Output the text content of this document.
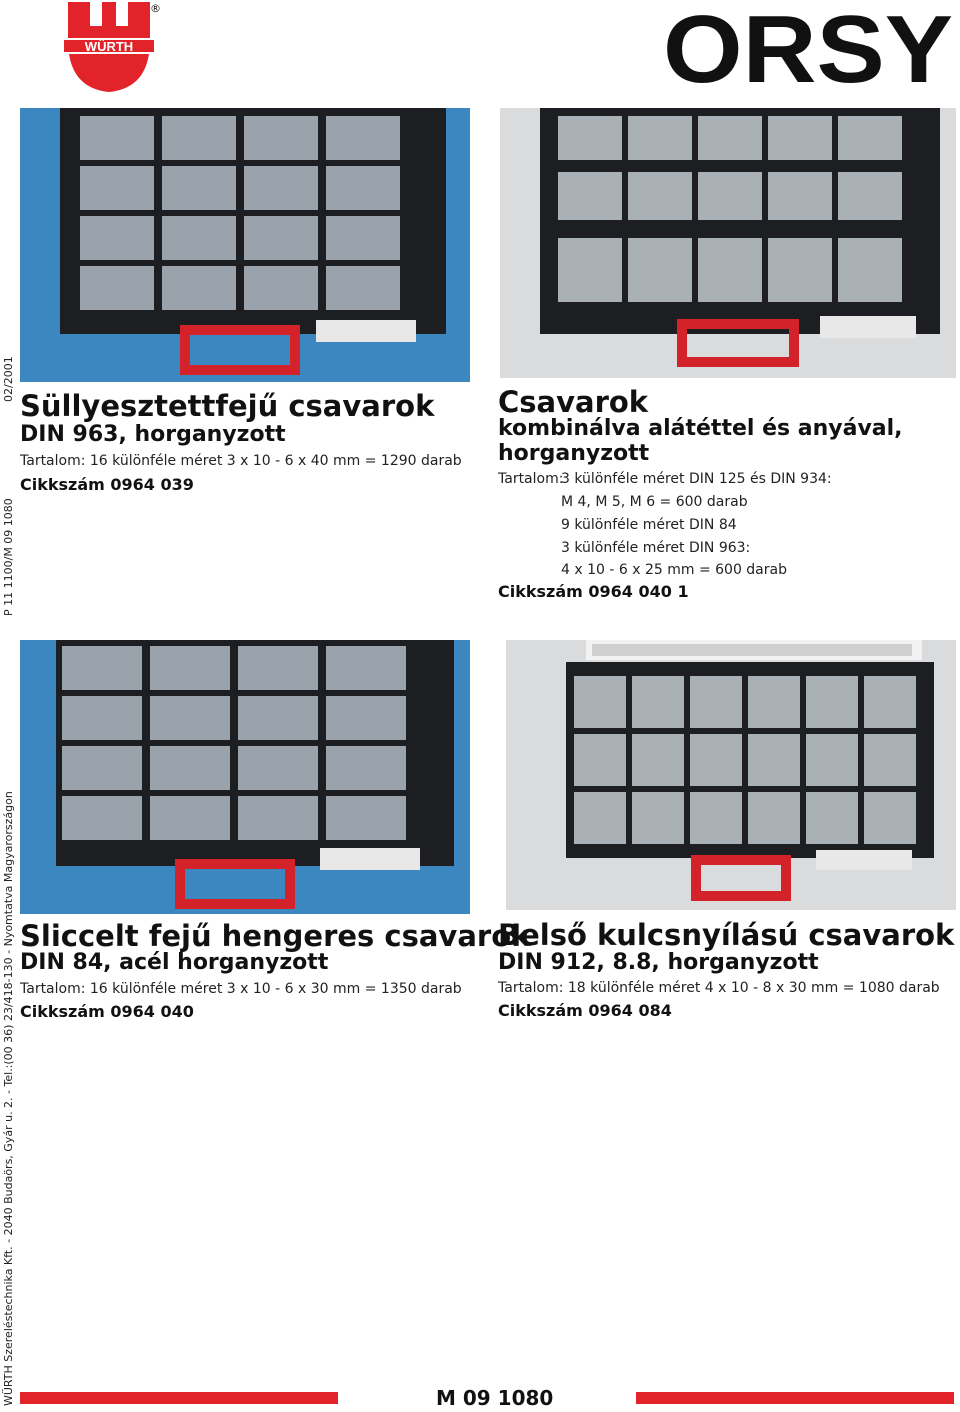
WÜRTH
®	ORSY
02/2001
P 11 1100/M 09 1080
WÜRTH Szereléstechnika Kft. - 2040 Budaörs, Gyár u. 2. - Tel.:(00 36) 23/418-130 - Nyomtatva Magyarországon
Süllyesztettfejű csavarok
DIN 963, horganyzott
Tartalom: 16 különféle méret 3 x 10 - 6 x 40 mm = 1290 darab
Cikkszám 0964 039
Csavarok
kombinálva alátéttel és anyával,
horganyzott
Tartalom:
3 különféle méret DIN 125 és DIN 934:
M 4, M 5, M 6 = 600 darab
9 különféle méret DIN 84
3 különféle méret DIN 963:
4 x 10 - 6 x 25 mm = 600 darab
Cikkszám 0964 040 1
Sliccelt fejű hengeres csavarok
DIN 84, acél horganyzott
Tartalom: 16 különféle méret 3 x 10 - 6 x 30 mm = 1350 darab
Cikkszám 0964 040
Belső kulcsnyílású csavarok
DIN 912, 8.8, horganyzott
Tartalom: 18 különféle méret 4 x 10 - 8 x 30 mm = 1080 darab
Cikkszám 0964 084
M 09 1080
